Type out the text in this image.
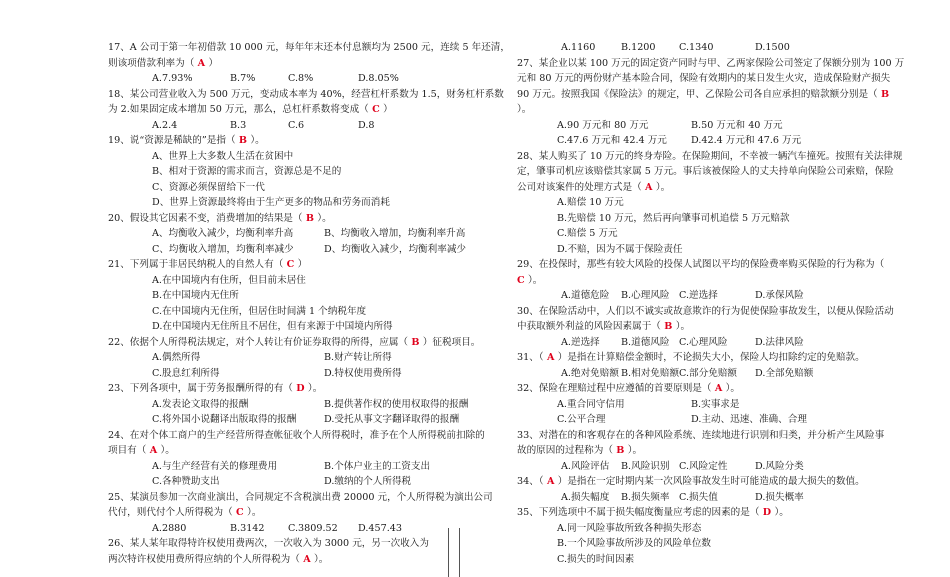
17、A 公司于第一年初借款 10 000 元，每年年末还本付息额均为 2500 元，连续 5 年还清，
则该项借款利率为（ A ）
A.7.93%	B.7%	C.8%	D.8.05%
18、某公司营业收入为 500 万元，变动成本率为 40%，经营杠杆系数为 1.5，财务杠杆系数
为 2.如果固定成本增加 50 万元，那么，总杠杆系数将变成（ C ）
A.2.4	B.3	C.6	D.8
19、说“资源是稀缺的”是指（ B ）。
A、世界上大多数人生活在贫困中
B、相对于资源的需求而言，资源总是不足的
C、资源必须保留给下一代
D、世界上资源最终将由于生产更多的物品和劳务而消耗
20、假设其它因素不变，消费增加的结果是（ B ）。
A、均衡收入减少，均衡利率升高	B、均衡收入增加，均衡利率升高
C、均衡收入增加，均衡利率减少	D、均衡收入减少，均衡利率减少
21、下列属于非居民纳税人的自然人有（ C ）
A.在中国境内有住所，但目前未居住
B.在中国境内无住所
C.在中国境内无住所，但居住时间满 1 个纳税年度
D.在中国境内无住所且不居住，但有来源于中国境内所得
22、依据个人所得税法规定，对个人转让有价证券取得的所得，应属（ B ）征税项目。
A.偶然所得	B.财产转让所得
C.股息红利所得	D.特权使用费所得
23、下列各项中，属于劳务报酬所得的有（ D ）。
A.发表论文取得的报酬	B.提供著作权的使用权取得的报酬
C.将外国小说翻译出版取得的报酬	D.受托从事文字翻译取得的报酬
24、在对个体工商户的生产经营所得查帐征收个人所得税时，准予在个人所得税前扣除的
项目有（ A ）。
A.与生产经营有关的修理费用	B.个体户业主的工资支出
C.各种赞助支出	D.缴纳的个人所得税
25、某演员参加一次商业演出，合同规定不含税演出费 20000 元，个人所得税为演出公司
代付，则代付个人所得税为（ C ）。
A.2880	B.3142 C.3809.52 D.457.43
26、某人某年取得特许权使用费两次，一次收入为 3000 元，另一次收入为
两次特许权使用费所得应纳的个人所得税为（ A ）。
A.1160	B.1200 C.1340	D.1500
27、某企业以某 100 万元的固定资产同时与甲、乙两家保险公司签定了保额分别为 100 万
元和 80 万元的两份财产基本险合同，保险有效期内的某日发生火灾，造成保险财产损失
90 万元。按照我国《保险法》的规定，甲、乙保险公司各自应承担的赔款额分别是（ B
）。
A.90 万元和 80 万元	B.50 万元和 40 万元
C.47.6 万元和 42.4 万元	D.42.4 万元和 47.6 万元
28、某人购买了 10 万元的终身寿险。在保险期间，不幸被一辆汽车撞死。按照有关法律规
定，肇事司机应该赔偿其家属 5 万元。事后该被保险人的丈夫持单向保险公司索赔，保险
公司对该案件的处理方式是（ A ）。
A.赔偿 10 万元
B.先赔偿 10 万元，然后再向肇事司机追偿 5 万元赔款
C.赔偿 5 万元
D.不赔，因为不属于保险责任
29、在投保时，那些有较大风险的投保人试图以平均的保险费率购买保险的行为称为（
C ）。
A.道德危险 B.心理风险 C.逆选择	D.承保风险
30、在保险活动中，人们以不诚实或故意欺诈的行为促使保险事故发生，以便从保险活动
中获取额外利益的风险因素属于（ B ）。
A.逆选择 B.道德风险 C.心理风险	D.法律风险
31、（ A ）是指在计算赔偿金额时，不论损失大小，保险人均扣除约定的免赔款。
A.绝对免赔额 B.相对免赔额 C.部分免赔额 D.全部免赔额
32、保险在理赔过程中应遵循的首要原则是（ A ）。
A.重合同守信用	B.实事求是
C.公平合理	D.主动、迅速、准确、合理
33、对潜在的和客观存在的各种风险系统、连续地进行识别和归类，并分析产生风险事
故的原因的过程称为（ B ）。
A.风险评估 B.风险识别 C.风险定性	D.风险分类
34、（ A ）是指在一定时期内某一次风险事故发生时可能造成的最大损失的数值。
A.损失幅度 B.损失频率 C.损失值	D.损失概率
35、下列选项中不属于损失幅度衡量应考虑的因素的是（ D ）。
A.同一风险事故所致各种损失形态
B.一个风险事故所涉及的风险单位数
C.损失的时间因素
